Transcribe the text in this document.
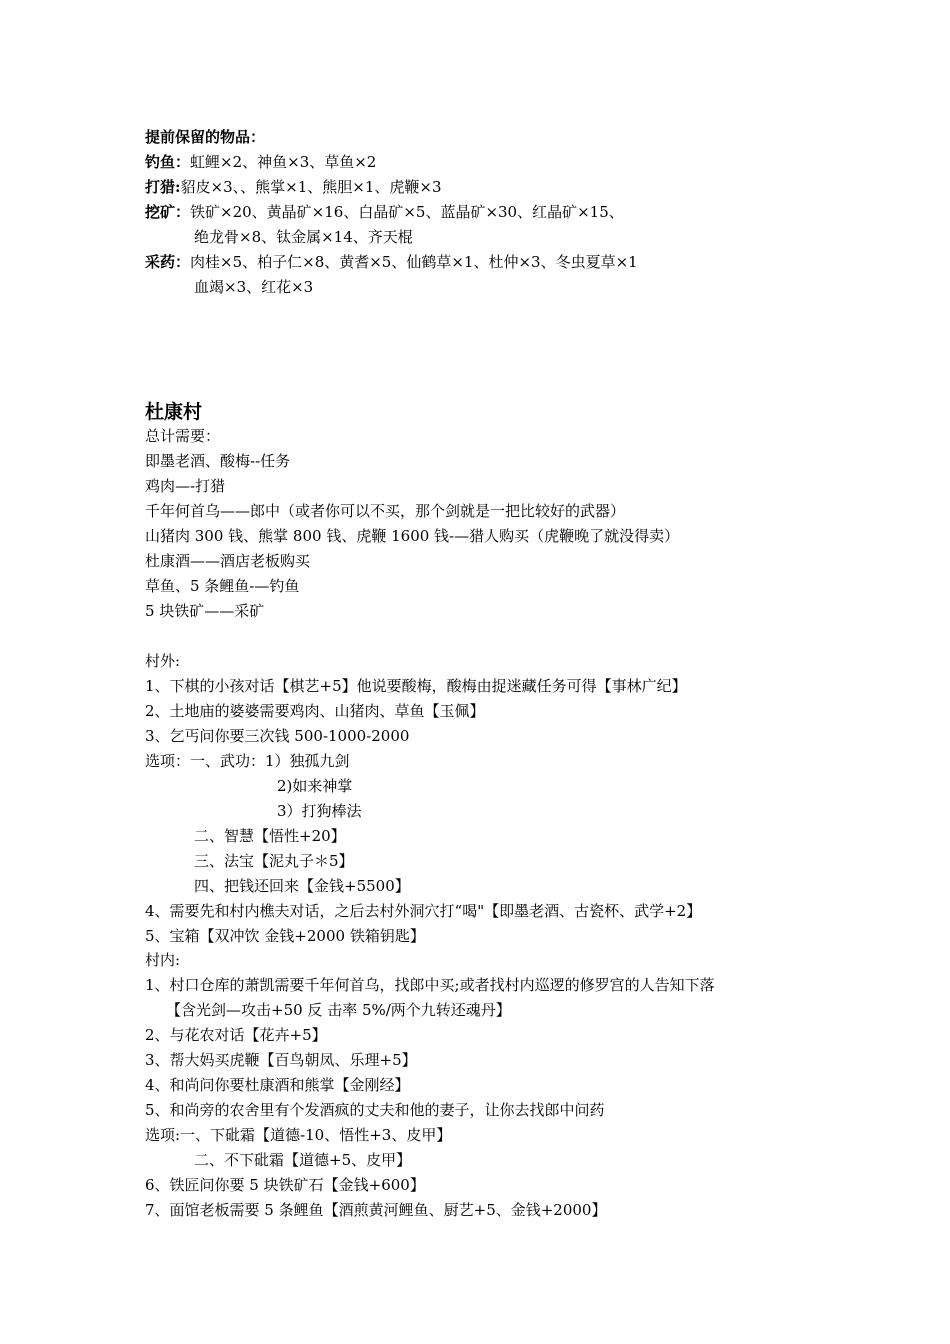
提前保留的物品：
钓鱼：虹鲤×2、神鱼×3、草鱼×2
打猎:貂皮×3、、熊掌×1、熊胆×1、虎鞭×3
挖矿：铁矿×20、黄晶矿×16、白晶矿×5、蓝晶矿×30、红晶矿×15、
绝龙骨×8、钛金属×14、齐天棍
采药：肉桂×5、柏子仁×8、黄耆×5、仙鹤草×1、杜仲×3、冬虫夏草×1
血竭×3、红花×3
杜康村
总计需要：
即墨老酒、酸梅--任务
鸡肉—-打猎
千年何首乌——郎中（或者你可以不买，那个剑就是一把比较好的武器）
山猪肉 300 钱、熊掌 800 钱、虎鞭 1600 钱-—猎人购买（虎鞭晚了就没得卖）
杜康酒——酒店老板购买
草鱼、5 条鲤鱼-—钓鱼
5 块铁矿——采矿
村外:
1、下棋的小孩对话【棋艺+5】他说要酸梅，酸梅由捉迷藏任务可得【事林广纪】
2、土地庙的婆婆需要鸡肉、山猪肉、草鱼【玉佩】
3、乞丐问你要三次钱 500-1000-2000
选项：一、武功：1）独孤九剑
2)如来神掌
3）打狗棒法
二、智慧【悟性+20】
三、法宝【泥丸子＊5】
四、把钱还回来【金钱+5500】
4、需要先和村内樵夫对话，之后去村外洞穴打“喝"【即墨老酒、古瓷杯、武学+2】
5、宝箱【双冲饮 金钱+2000 铁箱钥匙】
村内:
1、村口仓库的萧凯需要千年何首乌，找郎中买;或者找村内巡逻的修罗宫的人告知下落
【含光剑—攻击+50 反 击率 5%/两个九转还魂丹】
2、与花农对话【花卉+5】
3、帮大妈买虎鞭【百鸟朝凤、乐理+5】
4、和尚问你要杜康酒和熊掌【金刚经】
5、和尚旁的农舍里有个发酒疯的丈夫和他的妻子，让你去找郎中问药
选项:一、下砒霜【道德-10、悟性+3、皮甲】
二、不下砒霜【道德+5、皮甲】
6、铁匠问你要 5 块铁矿石【金钱+600】
7、面馆老板需要 5 条鲤鱼【酒煎黄河鲤鱼、厨艺+5、金钱+2000】
